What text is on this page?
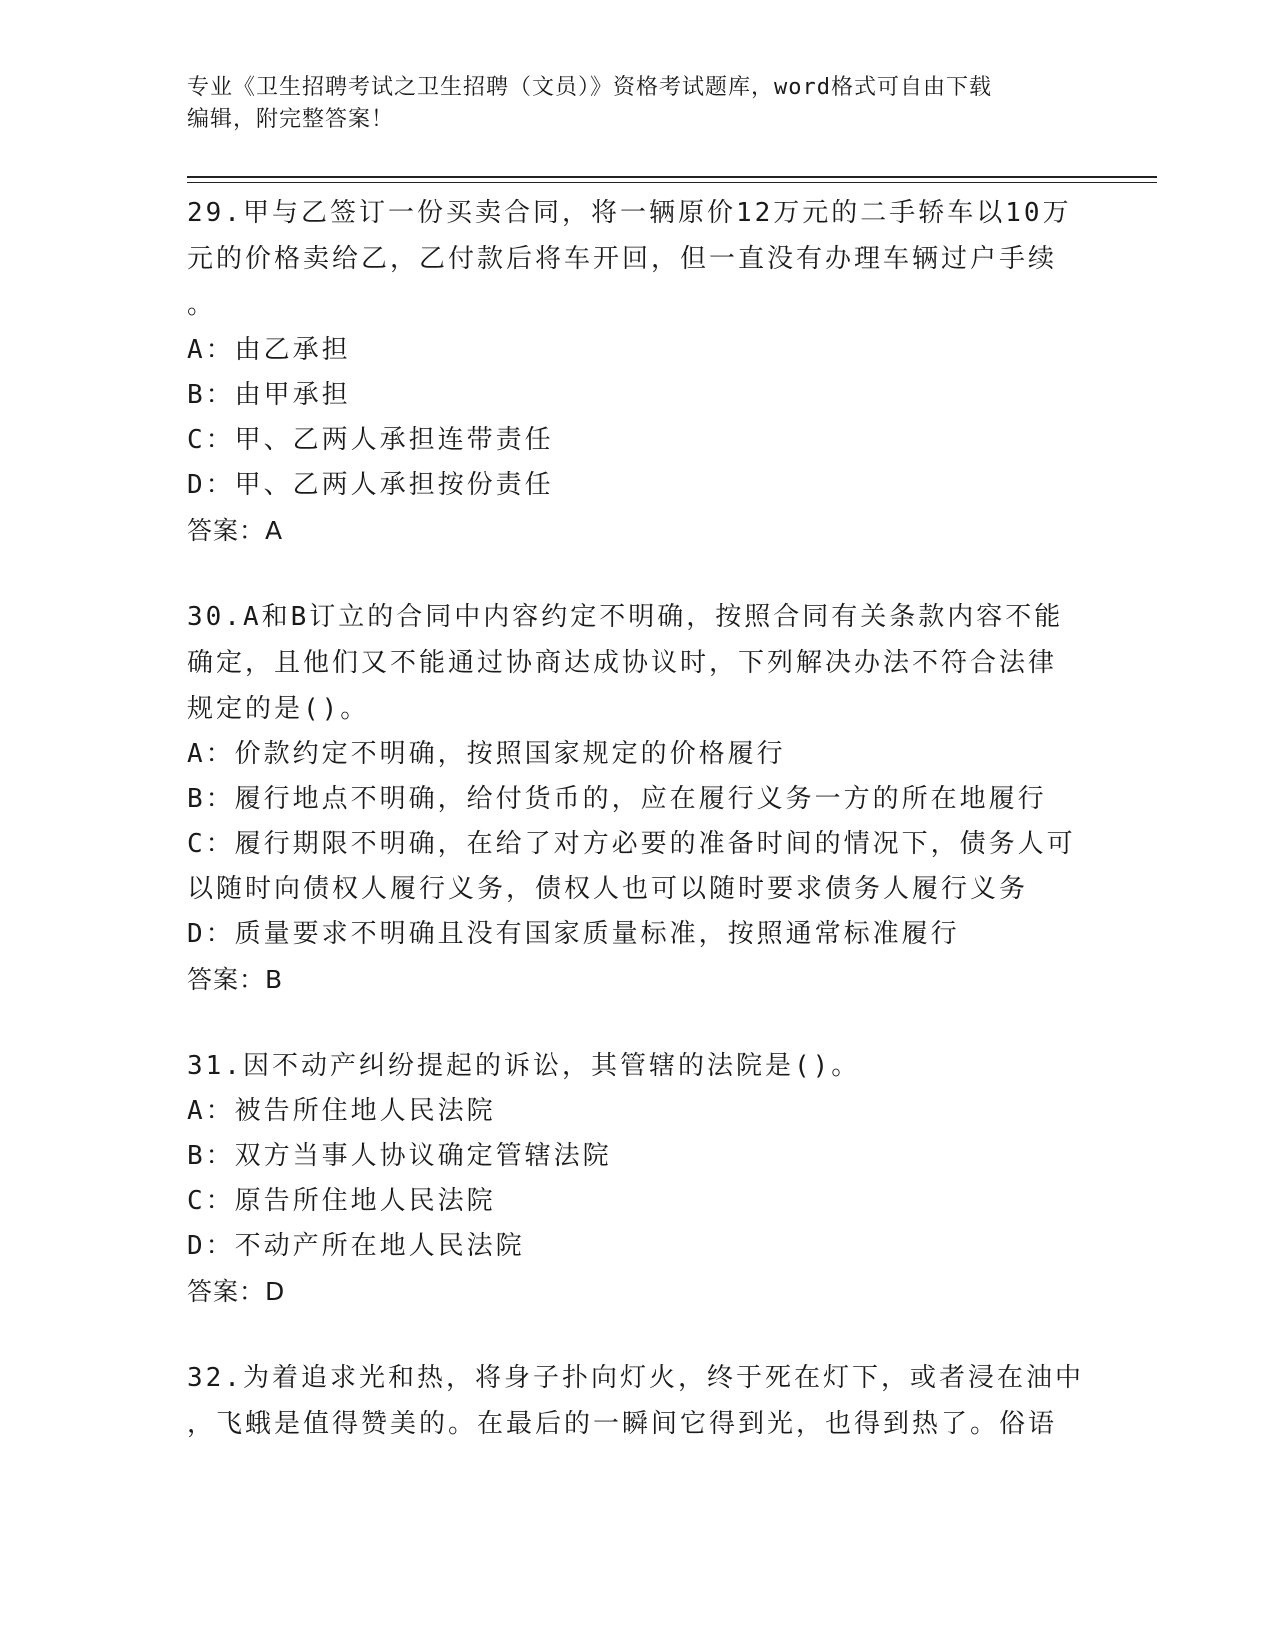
专业《卫生招聘考试之卫生招聘（文员）》资格考试题库，word格式可自由下载
编辑，附完整答案！

29.甲与乙签订一份买卖合同，将一辆原价12万元的二手轿车以10万

元的价格卖给乙，乙付款后将车开回，但一直没有办理车辆过户手续

。

A：由乙承担

B：由甲承担

C：甲、乙两人承担连带责任

D：甲、乙两人承担按份责任

答案：A

30.A和B订立的合同中内容约定不明确，按照合同有关条款内容不能

确定，且他们又不能通过协商达成协议时，下列解决办法不符合法律

规定的是()。

A：价款约定不明确，按照国家规定的价格履行

B：履行地点不明确，给付货币的，应在履行义务一方的所在地履行

C：履行期限不明确，在给了对方必要的准备时间的情况下，债务人可

以随时向债权人履行义务，债权人也可以随时要求债务人履行义务

D：质量要求不明确且没有国家质量标准，按照通常标准履行

答案：B

31.因不动产纠纷提起的诉讼，其管辖的法院是()。

A：被告所住地人民法院

B：双方当事人协议确定管辖法院

C：原告所住地人民法院

D：不动产所在地人民法院

答案：D

32.为着追求光和热，将身子扑向灯火，终于死在灯下，或者浸在油中

，飞蛾是值得赞美的。在最后的一瞬间它得到光，也得到热了。俗语
